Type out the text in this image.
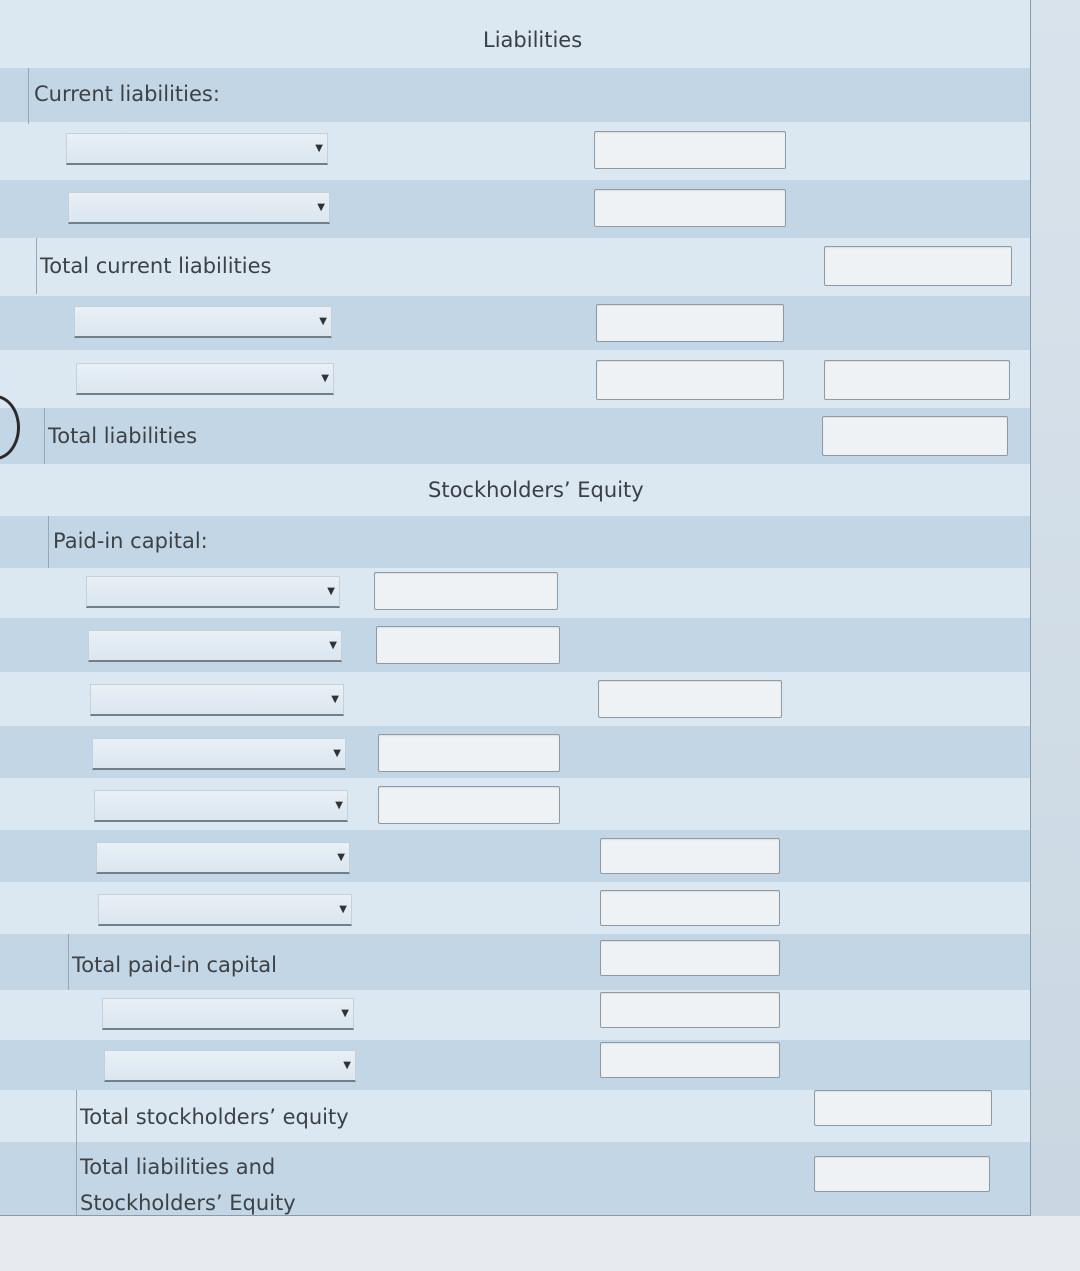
Liabilities
Stockholders’ Equity
Current liabilities:
Total current liabilities
Total liabilities
Paid-in capital:
Total paid-in capital
Total stockholders’ equity
Total liabilities and
Stockholders’ Equity
▼
▼
▼
▼
▼
▼
▼
▼
▼
▼
▼
▼
▼
